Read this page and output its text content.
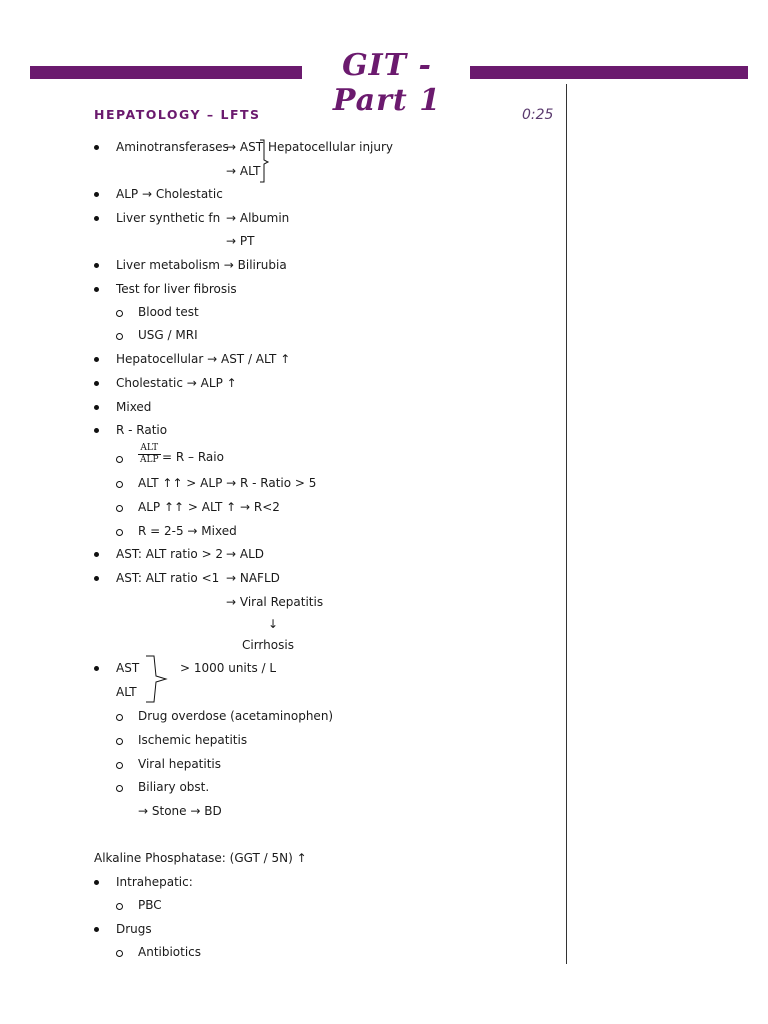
GIT - Part 1
HEPATOLOGY – LFTS	0:25
Aminotransferases
→ AST
→ ALT
Hepatocellular injury
ALP → Cholestatic
Liver synthetic fn → Albumin
→ PT
Liver metabolism → Bilirubia
Test for liver fibrosis
Blood test
USG / MRI
Hepatocellular → AST / ALT ↑
Cholestatic → ALP ↑
Mixed
R - Ratio
ALT
ALP = R – Raio
ALT ↑↑ > ALP → R - Ratio > 5
ALP ↑↑ > ALT ↑ → R<2
R = 2-5 → Mixed
AST: ALT ratio > 2 → ALD
AST: ALT ratio <1 → NAFLD
→ Viral Repatitis
↓
Cirrhosis
AST
ALT
> 1000 units / L
Drug overdose (acetaminophen)
Ischemic hepatitis
Viral hepatitis
Biliary obst.
→ Stone → BD
Alkaline Phosphatase: (GGT / 5N) ↑
Intrahepatic:
PBC
Drugs
Antibiotics
